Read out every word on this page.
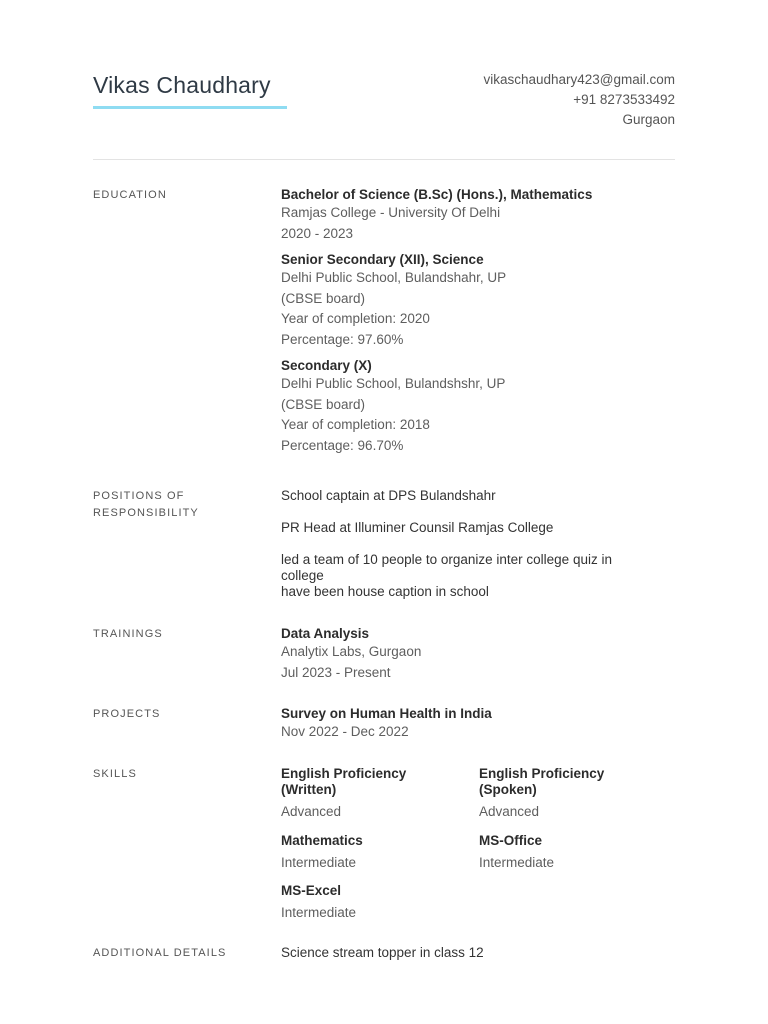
Vikas Chaudhary	vikaschaudhary423@gmail.com
+91 8273533492
Gurgaon
EDUCATION	Bachelor of Science (B.Sc) (Hons.), Mathematics
Ramjas College - University Of Delhi
2020 - 2023
Senior Secondary (XII), Science
Delhi Public School, Bulandshahr, UP
(CBSE board)
Year of completion: 2020
Percentage: 97.60%
Secondary (X)
Delhi Public School, Bulandshshr, UP
(CBSE board)
Year of completion: 2018
Percentage: 96.70%
POSITIONS OF
RESPONSIBILITY
School captain at DPS Bulandshahr
PR Head at Illuminer Counsil Ramjas College
led a team of 10 people to organize inter college quiz in
college
have been house caption in school
TRAININGS	Data Analysis
Analytix Labs, Gurgaon
Jul 2023 - Present
PROJECTS	Survey on Human Health in India
Nov 2022 - Dec 2022
SKILLS	English Proficiency
(Written)
Advanced
English Proficiency
(Spoken)
Advanced
Mathematics
Intermediate
MS-Office
Intermediate
MS-Excel
Intermediate
ADDITIONAL DETAILS	Science stream topper in class 12
